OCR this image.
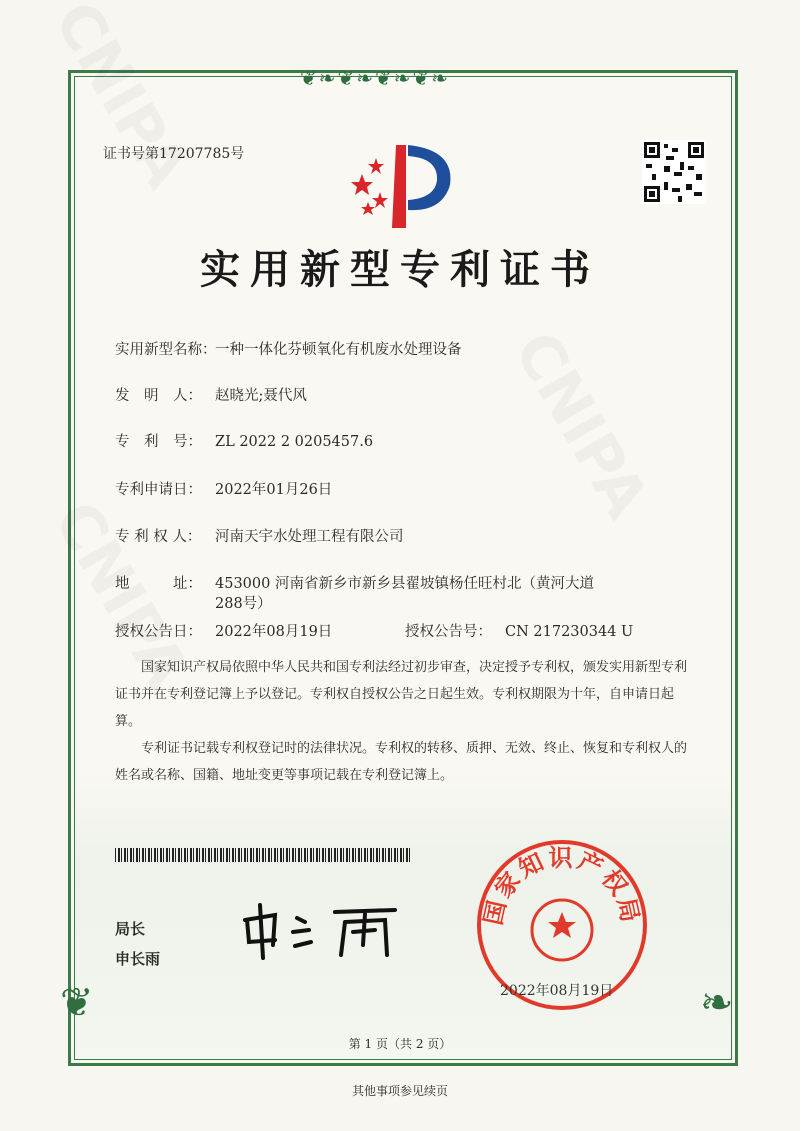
❦❧❦❧❦❧❦❧
❦	❧
证书号第17207785号
实用新型专利证书
实用新型名称：一种一体化芬顿氧化有机废水处理设备
发　明　人： 赵晓光;聂代风
专　利　号： ZL 2022 2 0205457.6
专利申请日： 2022年01月26日
专 利 权 人： 河南天宇水处理工程有限公司
地　　　址： 453000 河南省新乡市新乡县翟坡镇杨任旺村北（黄河大道288号）
授权公告日： 2022年08月19日	授权公告号： CN 217230344 U
国家知识产权局依照中华人民共和国专利法经过初步审查，决定授予专利权，颁发实用新型专利证书并在专利登记簿上予以登记。专利权自授权公告之日起生效。专利权期限为十年，自申请日起算。
专利证书记载专利权登记时的法律状况。专利权的转移、质押、无效、终止、恢复和专利权人的姓名或名称、国籍、地址变更等事项记载在专利登记簿上。
局长
申长雨
国家知识产权局
2022年08月19日
第 1 页（共 2 页）
其他事项参见续页
